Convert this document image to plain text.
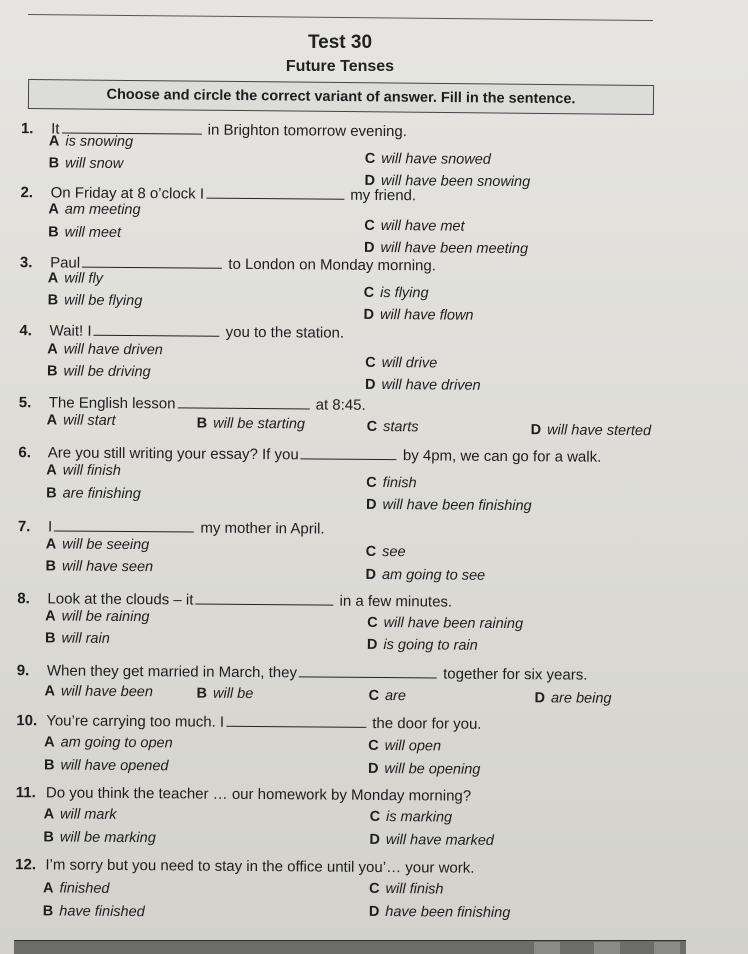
Test 30
Future Tenses
Choose and circle the correct variant of answer. Fill in the sentence.
1. It	in Brighton tomorrow evening.
A is snowing
B will snow	C will have snowed
D will have been snowing
2. On Friday at 8 o’clock I	my friend.
A am meeting
B will meet	C will have met
D will have been meeting
3. Paul	to London on Monday morning.
A will fly
B will be flying	C is flying
D will have flown
4. Wait! I	you to the station.
A will have driven
B will be driving
C will drive
D will have driven
5. The English lesson	at 8:45.
A will start	B will be starting	C starts	D will have sterted
6. Are you still writing your essay? If you	by 4pm, we can go for a walk.
A will finish
B are finishing
C finish
D will have been finishing
7. I	my mother in April.
A will be seeing
B will have seen
C see
D am going to see
8. Look at the clouds – it	in a few minutes.
A will be raining
B will rain
C will have been raining
D is going to rain
9. When they get married in March, they	together for six years.
A will have been	B will be	C are	D are being
10. You’re carrying too much. I	the door for you.
A am going to open
B will have opened
C will open
D will be opening
11. Do you think the teacher … our homework by Monday morning?
A will mark
B will be marking
C is marking
D will have marked
12. I’m sorry but you need to stay in the office until you’… your work.
A finished
B have finished
C will finish
D have been finishing
